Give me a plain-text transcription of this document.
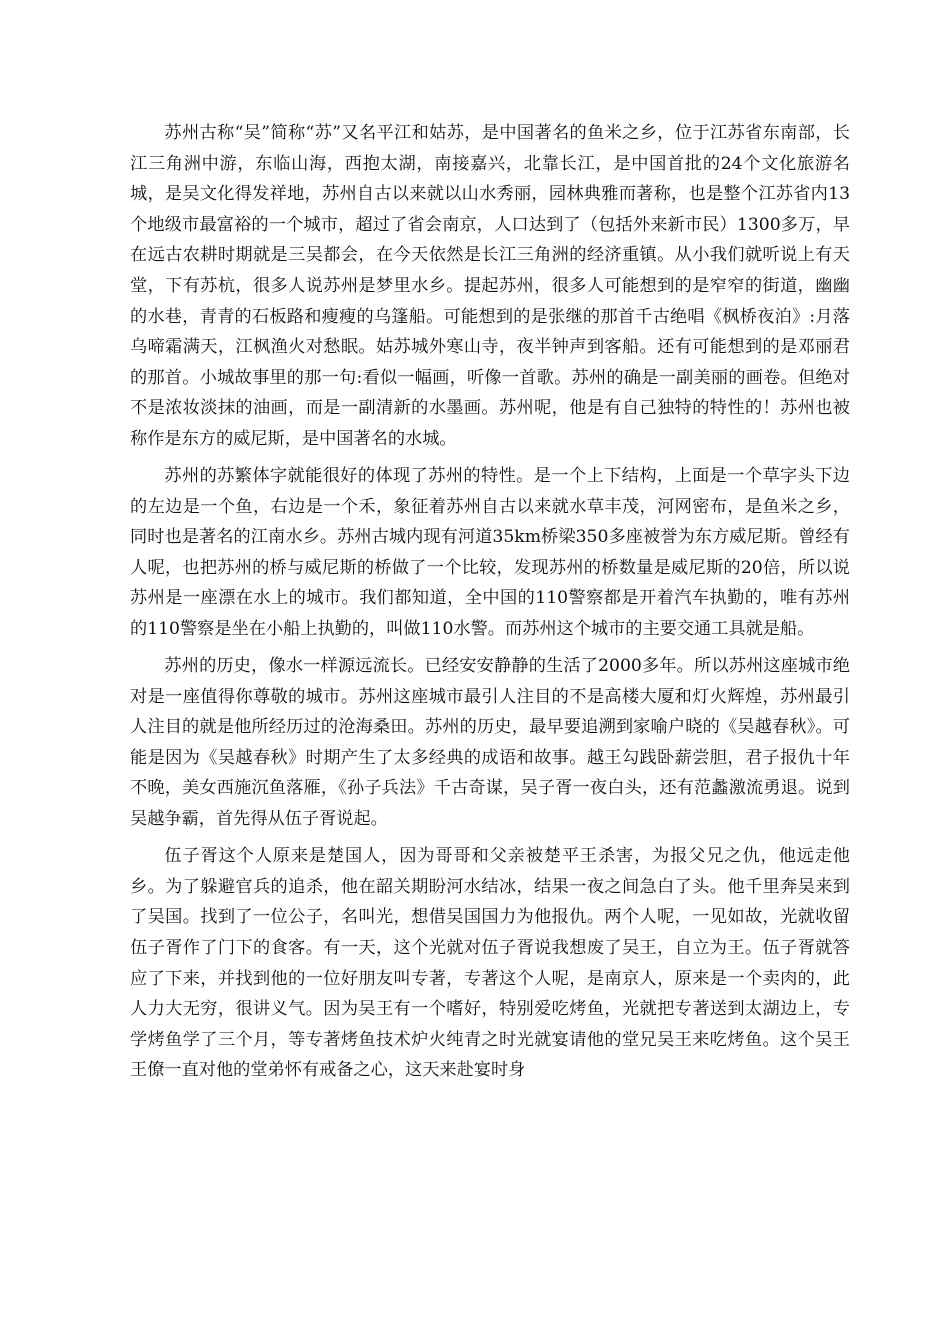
苏州古称“吴”简称“苏”又名平江和姑苏，是中国著名的鱼米之乡，位于江苏省东南部，长江三角洲中游，东临山海，西抱太湖，南接嘉兴，北靠长江，是中国首批的24个文化旅游名城，是吴文化得发祥地，苏州自古以来就以山水秀丽，园林典雅而著称，也是整个江苏省内13个地级市最富裕的一个城市，超过了省会南京，人口达到了（包括外来新市民）1300多万，早在远古农耕时期就是三吴都会，在今天依然是长江三角洲的经济重镇。从小我们就听说上有天堂，下有苏杭，很多人说苏州是梦里水乡。提起苏州，很多人可能想到的是窄窄的街道，幽幽的水巷，青青的石板路和瘦瘦的乌篷船。可能想到的是张继的那首千古绝唱《枫桥夜泊》:月落乌啼霜满天，江枫渔火对愁眠。姑苏城外寒山寺，夜半钟声到客船。还有可能想到的是邓丽君的那首。小城故事里的那一句:看似一幅画，听像一首歌。苏州的确是一副美丽的画卷。但绝对不是浓妆淡抹的油画，而是一副清新的水墨画。苏州呢，他是有自己独特的特性的！苏州也被称作是东方的威尼斯，是中国著名的水城。

苏州的苏繁体字就能很好的体现了苏州的特性。是一个上下结构，上面是一个草字头下边的左边是一个鱼，右边是一个禾，象征着苏州自古以来就水草丰茂，河网密布，是鱼米之乡，同时也是著名的江南水乡。苏州古城内现有河道35km桥梁350多座被誉为东方威尼斯。曾经有人呢，也把苏州的桥与威尼斯的桥做了一个比较，发现苏州的桥数量是威尼斯的20倍，所以说苏州是一座漂在水上的城市。我们都知道，全中国的110警察都是开着汽车执勤的，唯有苏州的110警察是坐在小船上执勤的，叫做110水警。而苏州这个城市的主要交通工具就是船。

苏州的历史，像水一样源远流长。已经安安静静的生活了2000多年。所以苏州这座城市绝对是一座值得你尊敬的城市。苏州这座城市最引人注目的不是高楼大厦和灯火辉煌，苏州最引人注目的就是他所经历过的沧海桑田。苏州的历史，最早要追溯到家喻户晓的《吴越春秋》。可能是因为《吴越春秋》时期产生了太多经典的成语和故事。越王勾践卧薪尝胆，君子报仇十年不晚，美女西施沉鱼落雁，《孙子兵法》千古奇谋，吴子胥一夜白头，还有范蠡激流勇退。说到吴越争霸，首先得从伍子胥说起。

伍子胥这个人原来是楚国人，因为哥哥和父亲被楚平王杀害，为报父兄之仇，他远走他乡。为了躲避官兵的追杀，他在韶关期盼河水结冰，结果一夜之间急白了头。他千里奔吴来到了吴国。找到了一位公子，名叫光，想借吴国国力为他报仇。两个人呢，一见如故，光就收留伍子胥作了门下的食客。有一天，这个光就对伍子胥说我想废了吴王，自立为王。伍子胥就答应了下来，并找到他的一位好朋友叫专著，专著这个人呢，是南京人，原来是一个卖肉的，此人力大无穷，很讲义气。因为吴王有一个嗜好，特别爱吃烤鱼，光就把专著送到太湖边上，专学烤鱼学了三个月，等专著烤鱼技术炉火纯青之时光就宴请他的堂兄吴王来吃烤鱼。这个吴王王僚一直对他的堂弟怀有戒备之心，这天来赴宴时身
